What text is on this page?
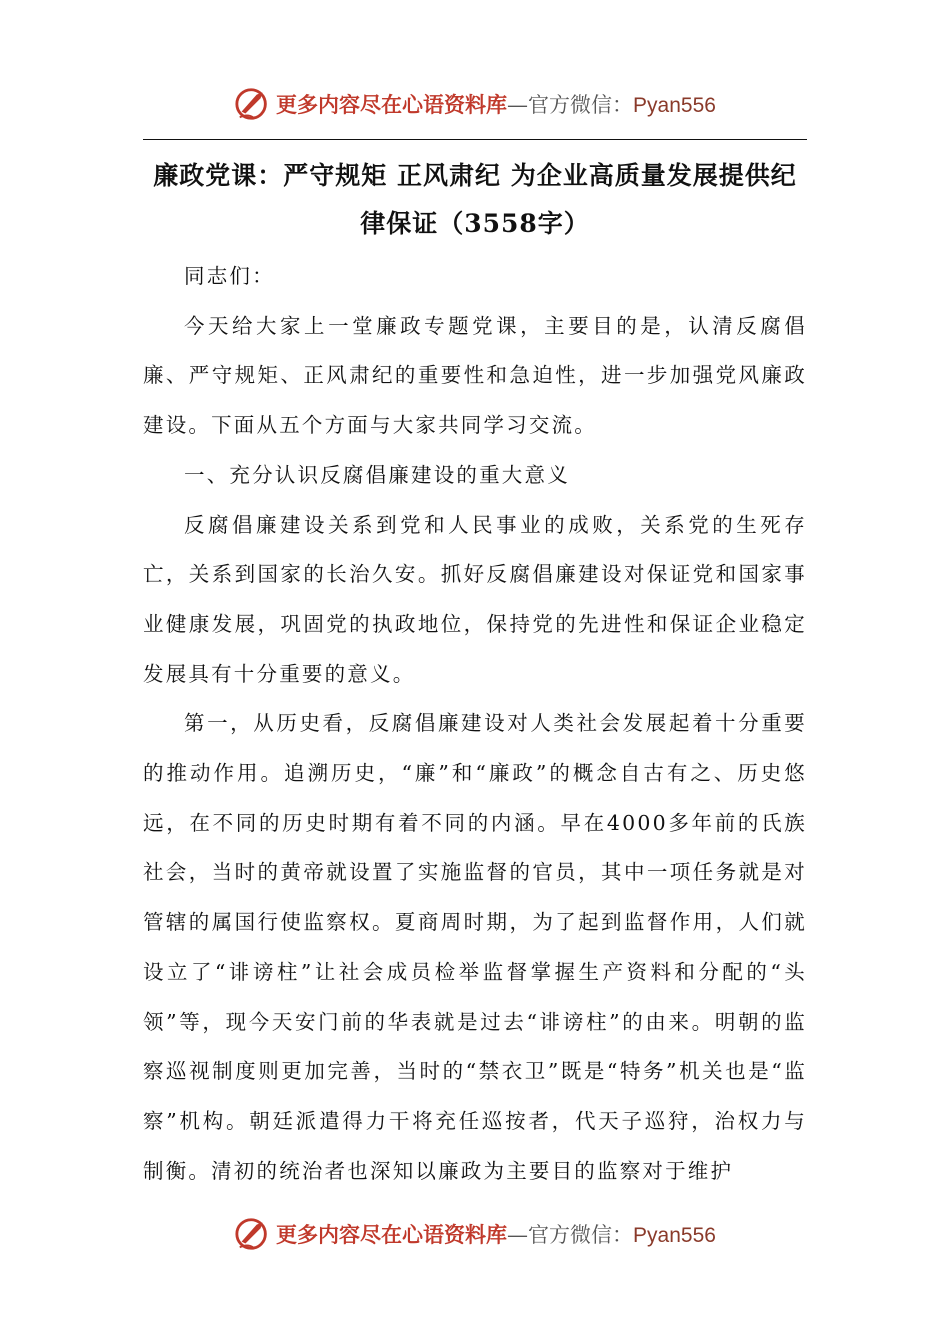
更多内容尽在心语资料库—官方微信：Pyan556
廉政党课：严守规矩 正风肃纪 为企业高质量发展提供纪
律保证（3558字）

同志们：

今天给大家上一堂廉政专题党课，主要目的是，认清反腐倡廉、严守规矩、正风肃纪的重要性和急迫性，进一步加强党风廉政建设。下面从五个方面与大家共同学习交流。

一、充分认识反腐倡廉建设的重大意义

反腐倡廉建设关系到党和人民事业的成败，关系党的生死存亡，关系到国家的长治久安。抓好反腐倡廉建设对保证党和国家事业健康发展，巩固党的执政地位，保持党的先进性和保证企业稳定发展具有十分重要的意义。

第一，从历史看，反腐倡廉建设对人类社会发展起着十分重要的推动作用。追溯历史，“廉”和“廉政”的概念自古有之、历史悠远，在不同的历史时期有着不同的内涵。早在4000多年前的氏族社会，当时的黄帝就设置了实施监督的官员，其中一项任务就是对管辖的属国行使监察权。夏商周时期，为了起到监督作用，人们就设立了“诽谤柱”让社会成员检举监督掌握生产资料和分配的“头领”等，现今天安门前的华表就是过去“诽谤柱”的由来。明朝的监察巡视制度则更加完善，当时的“禁衣卫”既是“特务”机关也是“监察”机构。朝廷派遣得力干将充任巡按者，代天子巡狩，治权力与制衡。清初的统治者也深知以廉政为主要目的监察对于维护

更多内容尽在心语资料库—官方微信：Pyan556
